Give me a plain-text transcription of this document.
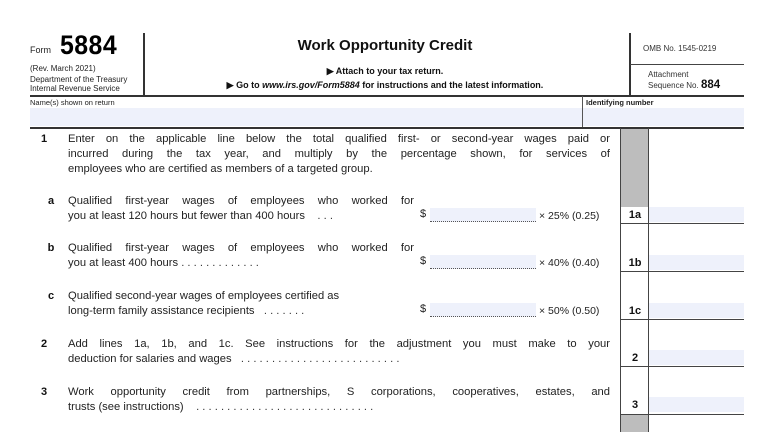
Form 5884
(Rev. March 2021)
Department of the Treasury
Internal Revenue Service
Work Opportunity Credit
▶ Attach to your tax return.
▶ Go to www.irs.gov/Form5884 for instructions and the latest information.
OMB No. 1545-0219
Attachment
Sequence No. 884
Name(s) shown on return	Identifying number
1	Enter on the applicable line below the total qualified first- or second-year wages paid or
incurred during the tax year, and multiply by the percentage shown, for services of
employees who are certified as members of a targeted group.
a	Qualified first-year wages of employees who worked for
you at least 120 hours but fewer than 400 hours . . .	$	× 25% (0.25)	1a
b	Qualified first-year wages of employees who worked for
you at least 400 hours . . . . . . . . . . . . .	$	× 40% (0.40)	1b
c	Qualified second-year wages of employees certified as
long-term family assistance recipients . . . . . . .	$	× 50% (0.50)	1c
2	Add lines 1a, 1b, and 1c. See instructions for the adjustment you must make to your
deduction for salaries and wages . . . . . . . . . . . . . . . . . . . . . . . . . .	2
3	Work opportunity credit from partnerships, S corporations, cooperatives, estates, and
trusts (see instructions) . . . . . . . . . . . . . . . . . . . . . . . . . . . . .	3
